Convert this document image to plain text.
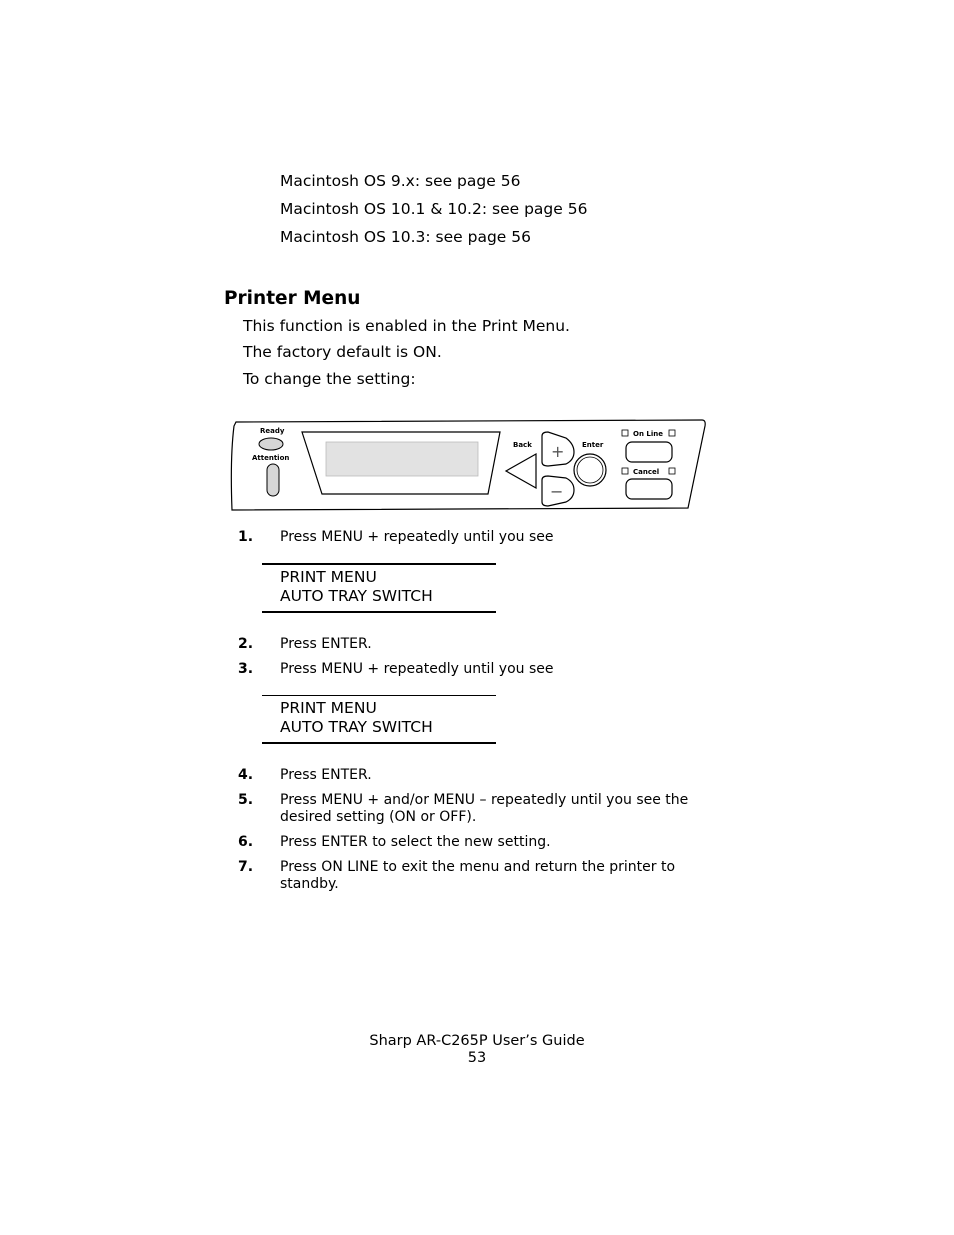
Macintosh OS 9.x: see page 56
Macintosh OS 10.1 & 10.2: see page 56
Macintosh OS 10.3: see page 56
Printer Menu
This function is enabled in the Print Menu.
The factory default is ON.
To change the setting:
Ready
Attention
Back +
−
Enter
On Line
Cancel
1. Press MENU + repeatedly until you see
PRINT MENU
AUTO TRAY SWITCH
2. Press ENTER.
3. Press MENU + repeatedly until you see
PRINT MENU
AUTO TRAY SWITCH
4. Press ENTER.
5. Press MENU + and/or MENU – repeatedly until you see the desired setting (ON or OFF).
6. Press ENTER to select the new setting.
7. Press ON LINE to exit the menu and return the printer to standby.
Sharp AR-C265P User’s Guide
53
